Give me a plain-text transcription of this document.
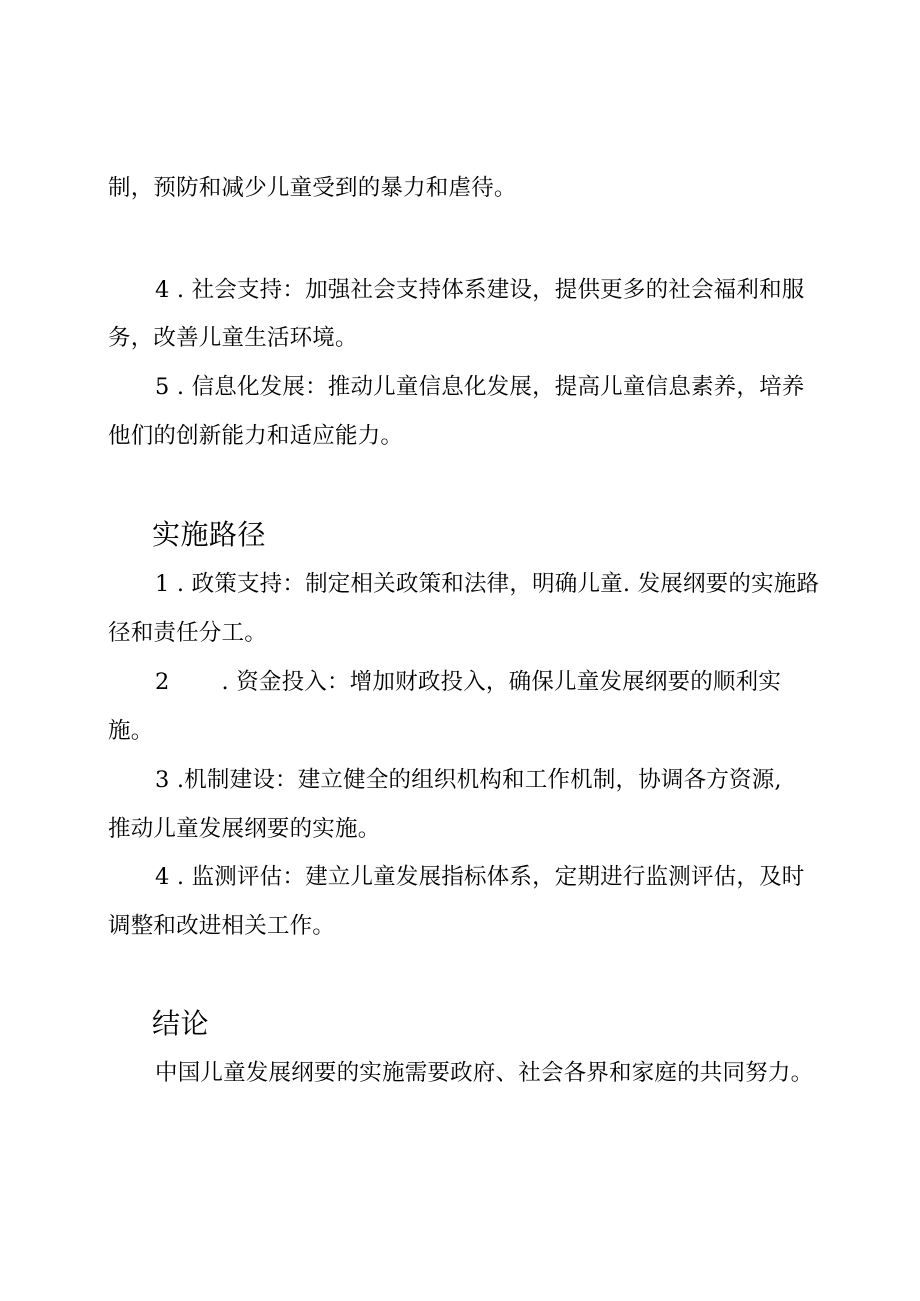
制，预防和减少儿童受到的暴力和虐待。
4 . 社会支持：加强社会支持体系建设，提供更多的社会福利和服
务，改善儿童生活环境。
5 . 信息化发展：推动儿童信息化发展，提高儿童信息素养，培养
他们的创新能力和适应能力。
实施路径
1 . 政策支持：制定相关政策和法律，明确儿童. 发展纲要的实施路
径和责任分工。
2 . 资金投入：增加财政投入，确保儿童发展纲要的顺利实
施。
3 .机制建设：建立健全的组织机构和工作机制，协调各方资源,
推动儿童发展纲要的实施。
4 . 监测评估：建立儿童发展指标体系，定期进行监测评估，及时
调整和改进相关工作。
结论
中国儿童发展纲要的实施需要政府、社会各界和家庭的共同努力。
